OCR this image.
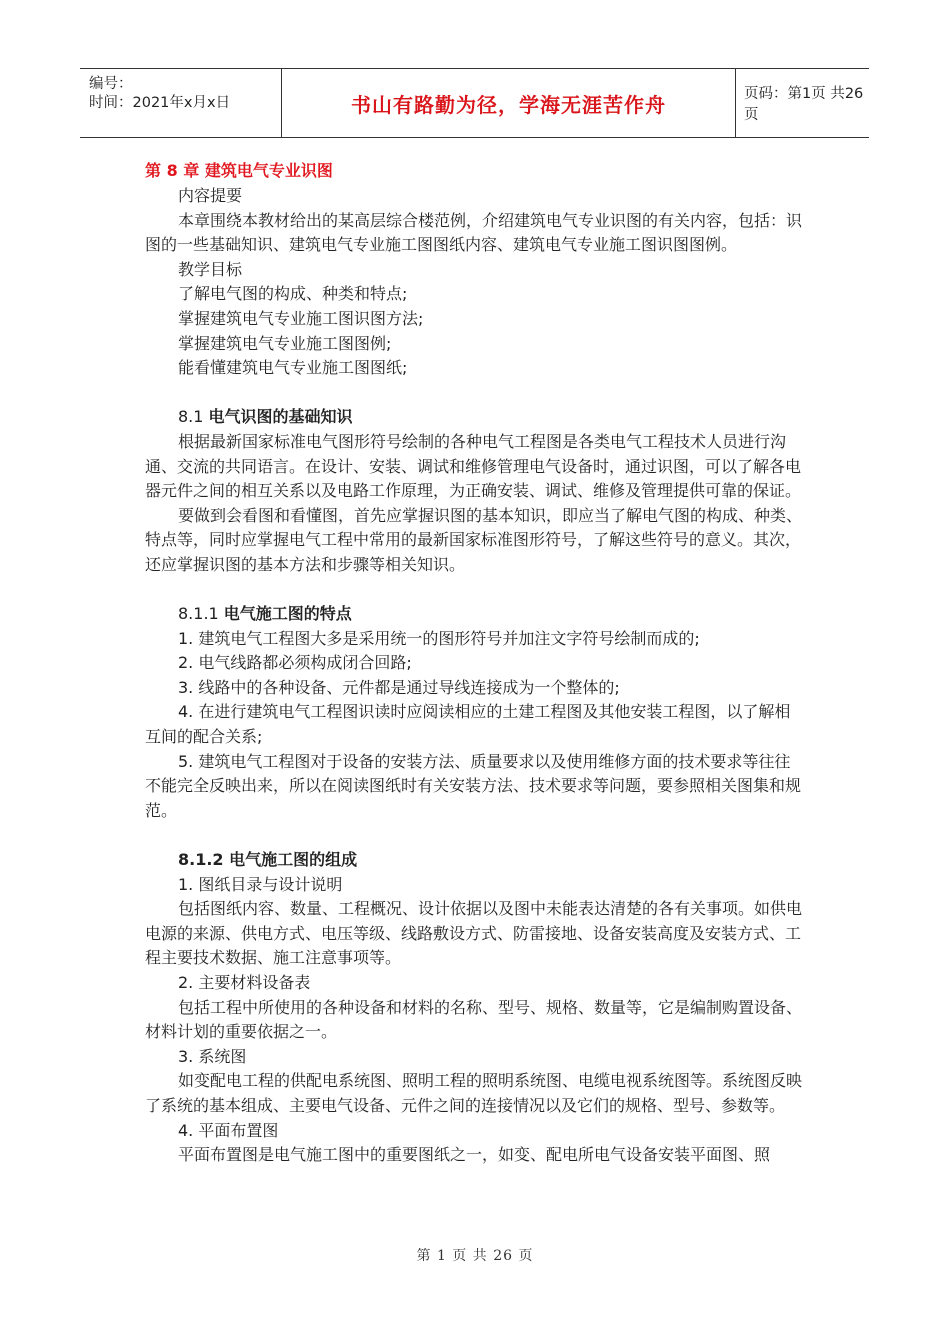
编号：
时间：2021年x月x日	书山有路勤为径，学海无涯苦作舟	页码：第1页 共26页

第 8 章 建筑电气专业识图

内容提要

本章围绕本教材给出的某高层综合楼范例，介绍建筑电气专业识图的有关内容，包括：识图的一些基础知识、建筑电气专业施工图图纸内容、建筑电气专业施工图识图图例。

教学目标

了解电气图的构成、种类和特点;

掌握建筑电气专业施工图识图方法;

掌握建筑电气专业施工图图例;

能看懂建筑电气专业施工图图纸;

8.1 电气识图的基础知识

根据最新国家标准电气图形符号绘制的各种电气工程图是各类电气工程技术人员进行沟通、交流的共同语言。在设计、安装、调试和维修管理电气设备时，通过识图，可以了解各电器元件之间的相互关系以及电路工作原理，为正确安装、调试、维修及管理提供可靠的保证。

要做到会看图和看懂图，首先应掌握识图的基本知识，即应当了解电气图的构成、种类、特点等，同时应掌握电气工程中常用的最新国家标准图形符号，了解这些符号的意义。其次，还应掌握识图的基本方法和步骤等相关知识。

8.1.1 电气施工图的特点

1. 建筑电气工程图大多是采用统一的图形符号并加注文字符号绘制而成的;

2. 电气线路都必须构成闭合回路;

3. 线路中的各种设备、元件都是通过导线连接成为一个整体的;

4. 在进行建筑电气工程图识读时应阅读相应的土建工程图及其他安装工程图，以了解相互间的配合关系;

5. 建筑电气工程图对于设备的安装方法、质量要求以及使用维修方面的技术要求等往往不能完全反映出来，所以在阅读图纸时有关安装方法、技术要求等问题，要参照相关图集和规范。

8.1.2 电气施工图的组成

1. 图纸目录与设计说明

包括图纸内容、数量、工程概况、设计依据以及图中未能表达清楚的各有关事项。如供电电源的来源、供电方式、电压等级、线路敷设方式、防雷接地、设备安装高度及安装方式、工程主要技术数据、施工注意事项等。

2. 主要材料设备表

包括工程中所使用的各种设备和材料的名称、型号、规格、数量等，它是编制购置设备、材料计划的重要依据之一。

3. 系统图

如变配电工程的供配电系统图、照明工程的照明系统图、电缆电视系统图等。系统图反映了系统的基本组成、主要电气设备、元件之间的连接情况以及它们的规格、型号、参数等。

4. 平面布置图

平面布置图是电气施工图中的重要图纸之一，如变、配电所电气设备安装平面图、照

第 1 页 共 26 页
